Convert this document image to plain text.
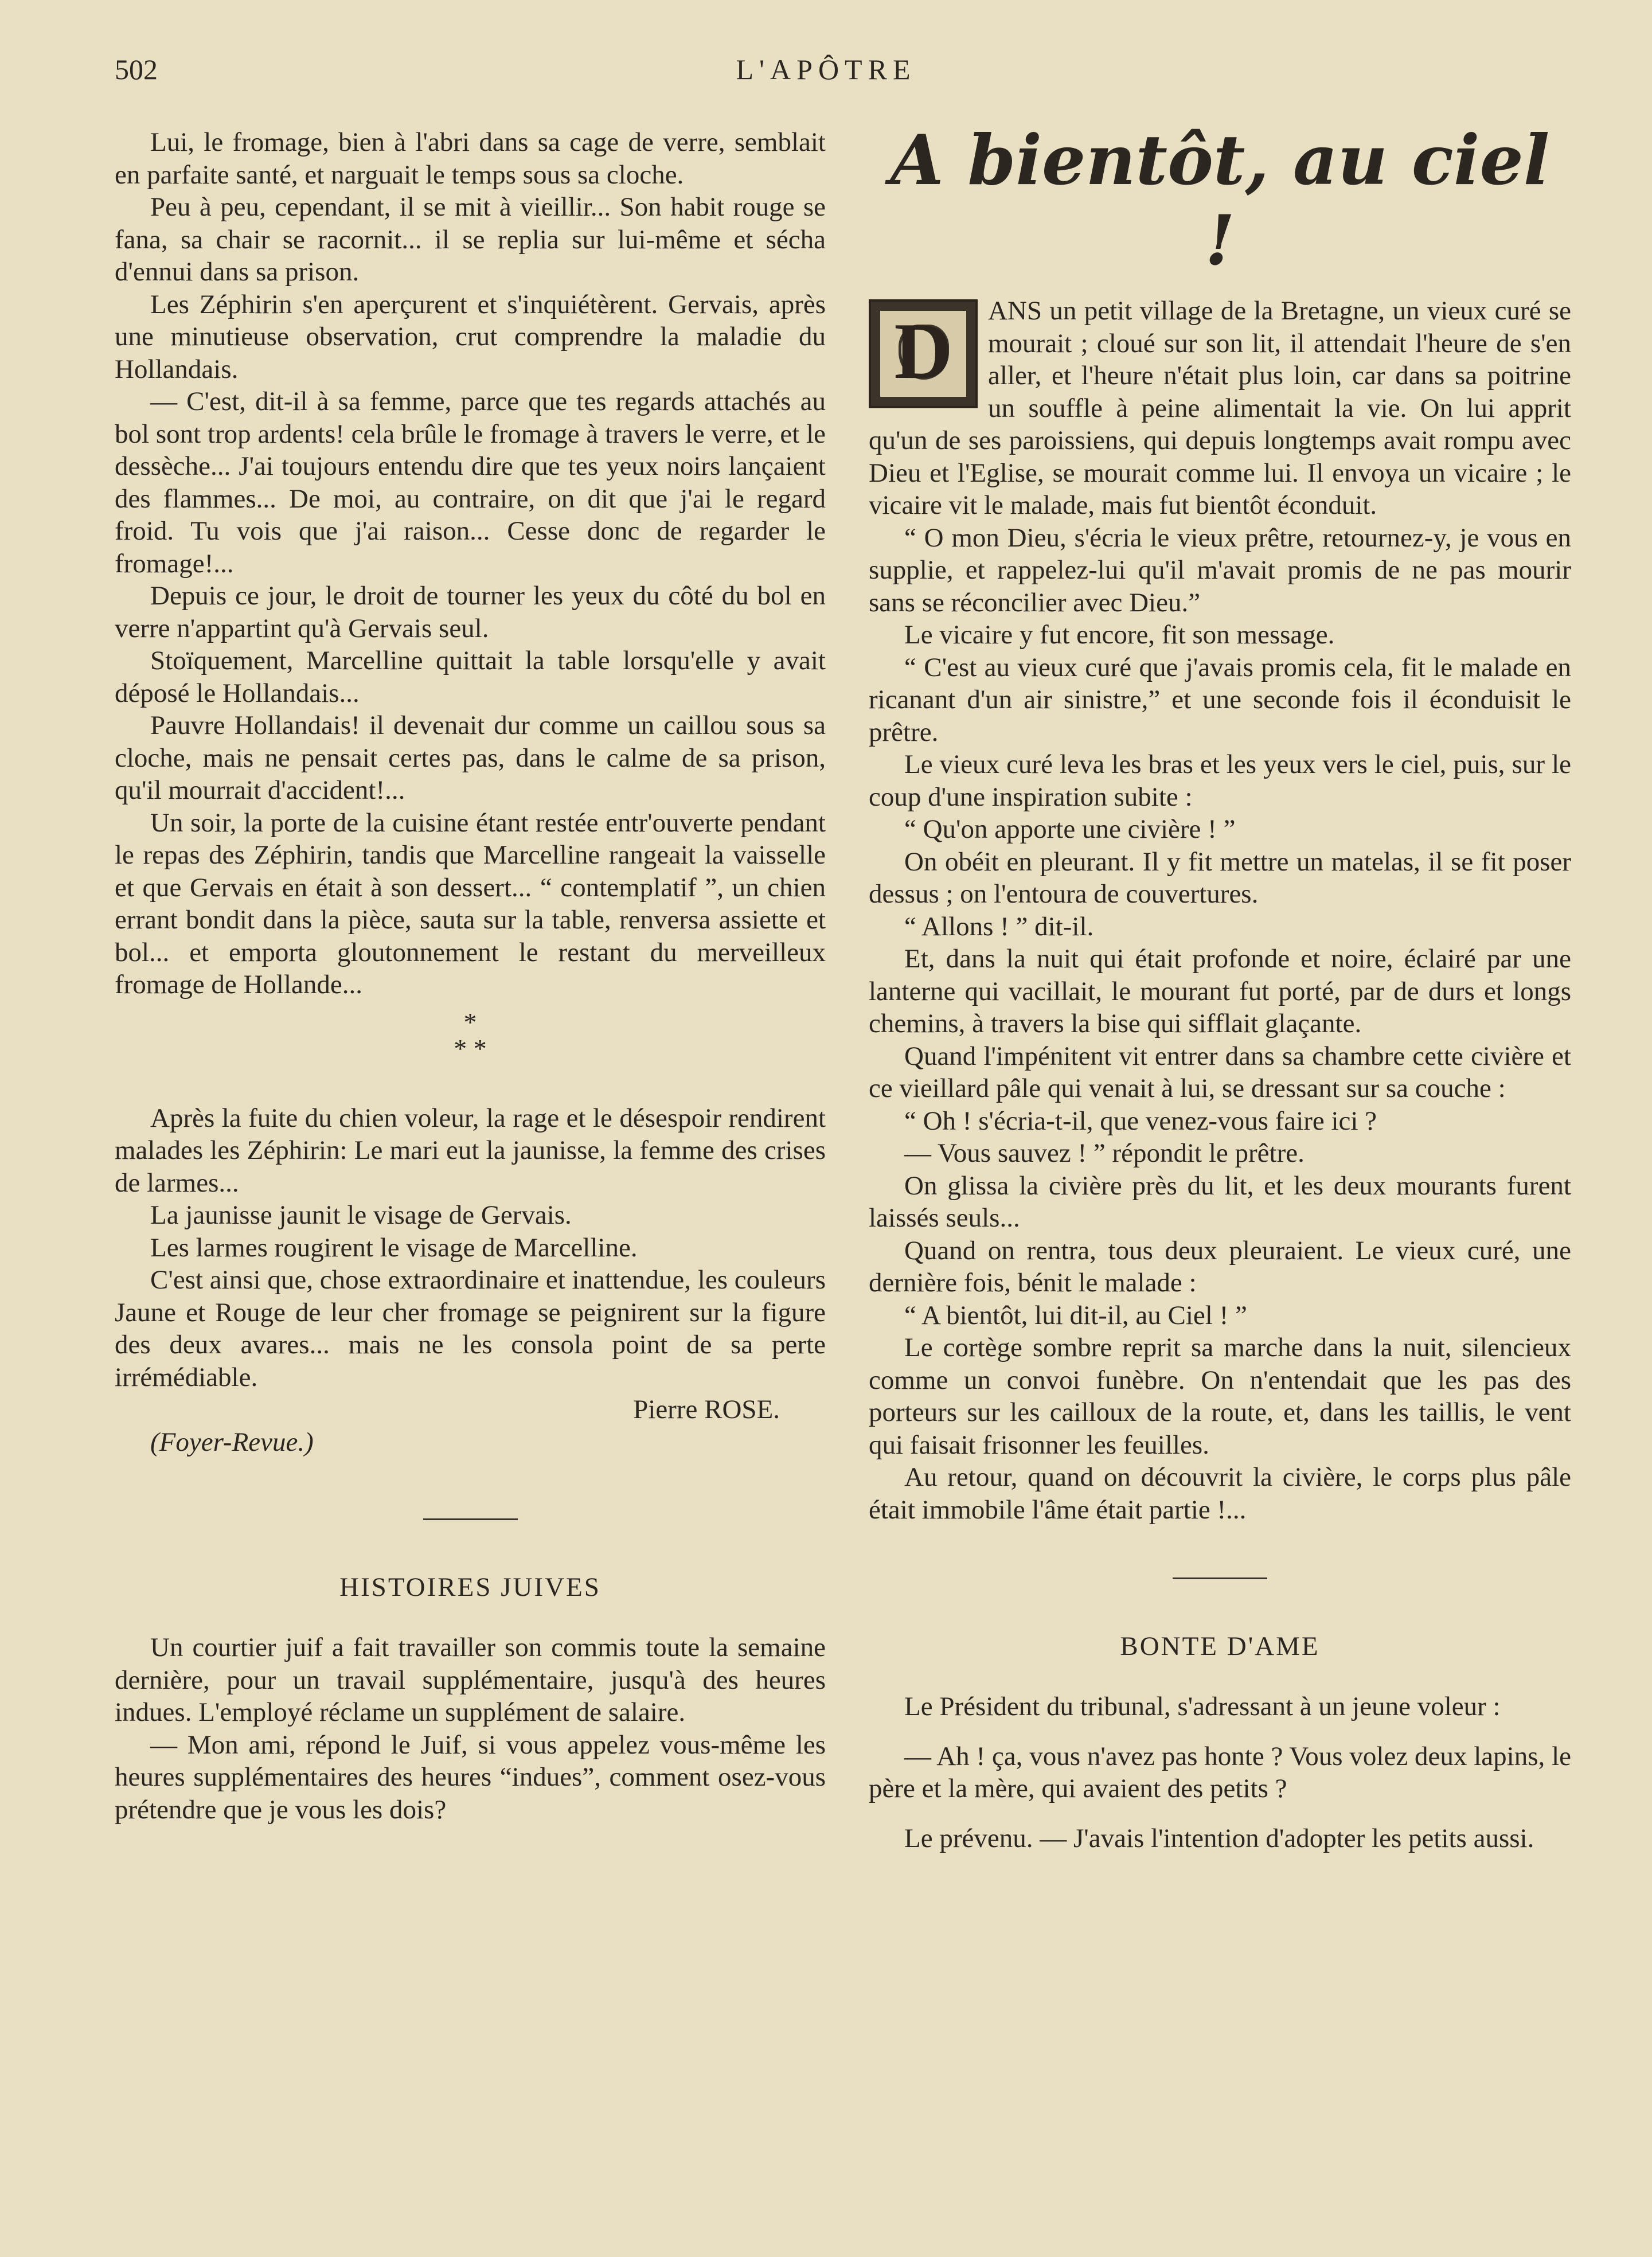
502	L'APÔTRE

Lui, le fromage, bien à l'abri dans sa cage de verre, semblait en parfaite santé, et narguait le temps sous sa cloche.

Peu à peu, cependant, il se mit à vieillir... Son habit rouge se fana, sa chair se racornit... il se replia sur lui-même et sécha d'ennui dans sa prison.

Les Zéphirin s'en aperçurent et s'inquiétèrent. Gervais, après une minutieuse observation, crut comprendre la maladie du Hollandais.

— C'est, dit-il à sa femme, parce que tes regards attachés au bol sont trop ardents! cela brûle le fromage à travers le verre, et le dessèche... J'ai toujours entendu dire que tes yeux noirs lançaient des flammes... De moi, au contraire, on dit que j'ai le regard froid. Tu vois que j'ai raison... Cesse donc de regarder le fromage!...

Depuis ce jour, le droit de tourner les yeux du côté du bol en verre n'appartint qu'à Gervais seul.

Stoïquement, Marcelline quittait la table lorsqu'elle y avait déposé le Hollandais...

Pauvre Hollandais! il devenait dur comme un caillou sous sa cloche, mais ne pensait certes pas, dans le calme de sa prison, qu'il mourrait d'accident!...

Un soir, la porte de la cuisine étant restée entr'ouverte pendant le repas des Zéphirin, tandis que Marcelline rangeait la vaisselle et que Gervais en était à son dessert... “ contemplatif ”, un chien errant bondit dans la pièce, sauta sur la table, renversa assiette et bol... et emporta gloutonnement le restant du merveilleux fromage de Hollande...

*
* *

Après la fuite du chien voleur, la rage et le désespoir rendirent malades les Zéphirin: Le mari eut la jaunisse, la femme des crises de larmes...

La jaunisse jaunit le visage de Gervais.

Les larmes rougirent le visage de Marcelline.

C'est ainsi que, chose extraordinaire et inattendue, les couleurs Jaune et Rouge de leur cher fromage se peignirent sur la figure des deux avares... mais ne les consola point de sa perte irrémédiable.

Pierre ROSE.

(Foyer-Revue.)

HISTOIRES JUIVES

Un courtier juif a fait travailler son commis toute la semaine dernière, pour un travail supplémentaire, jusqu'à des heures indues. L'employé réclame un supplément de salaire.

— Mon ami, répond le Juif, si vous appelez vous-même les heures supplémentaires des heures “indues”, comment osez-vous prétendre que je vous les dois?

A bientôt, au ciel !
D	ANS un petit village de la Bretagne, un vieux curé se mourait ; cloué sur son lit, il attendait l'heure de s'en aller, et l'heure n'était plus loin, car dans sa poitrine un souffle à peine alimentait la vie. On lui apprit qu'un de ses paroissiens, qui depuis longtemps avait rompu avec Dieu et l'Eglise, se mourait comme lui. Il envoya un vicaire ; le vicaire vit le malade, mais fut bientôt éconduit.

“ O mon Dieu, s'écria le vieux prêtre, retournez-y, je vous en supplie, et rappelez-lui qu'il m'avait promis de ne pas mourir sans se réconcilier avec Dieu.”

Le vicaire y fut encore, fit son message.

“ C'est au vieux curé que j'avais promis cela, fit le malade en ricanant d'un air sinistre,” et une seconde fois il éconduisit le prêtre.

Le vieux curé leva les bras et les yeux vers le ciel, puis, sur le coup d'une inspiration subite :

“ Qu'on apporte une civière ! ”

On obéit en pleurant. Il y fit mettre un matelas, il se fit poser dessus ; on l'entoura de couvertures.

“ Allons ! ” dit-il.

Et, dans la nuit qui était profonde et noire, éclairé par une lanterne qui vacillait, le mourant fut porté, par de durs et longs chemins, à travers la bise qui sifflait glaçante.

Quand l'impénitent vit entrer dans sa chambre cette civière et ce vieillard pâle qui venait à lui, se dressant sur sa couche :

“ Oh ! s'écria-t-il, que venez-vous faire ici ?

— Vous sauvez ! ” répondit le prêtre.

On glissa la civière près du lit, et les deux mourants furent laissés seuls...

Quand on rentra, tous deux pleuraient. Le vieux curé, une dernière fois, bénit le malade :

“ A bientôt, lui dit-il, au Ciel ! ”

Le cortège sombre reprit sa marche dans la nuit, silencieux comme un convoi funèbre. On n'entendait que les pas des porteurs sur les cailloux de la route, et, dans les taillis, le vent qui faisait frisonner les feuilles.

Au retour, quand on découvrit la civière, le corps plus pâle était immobile l'âme était partie !...

BONTE D'AME

Le Président du tribunal, s'adressant à un jeune voleur :

— Ah ! ça, vous n'avez pas honte ? Vous volez deux lapins, le père et la mère, qui avaient des petits ?

Le prévenu. — J'avais l'intention d'adopter les petits aussi.
